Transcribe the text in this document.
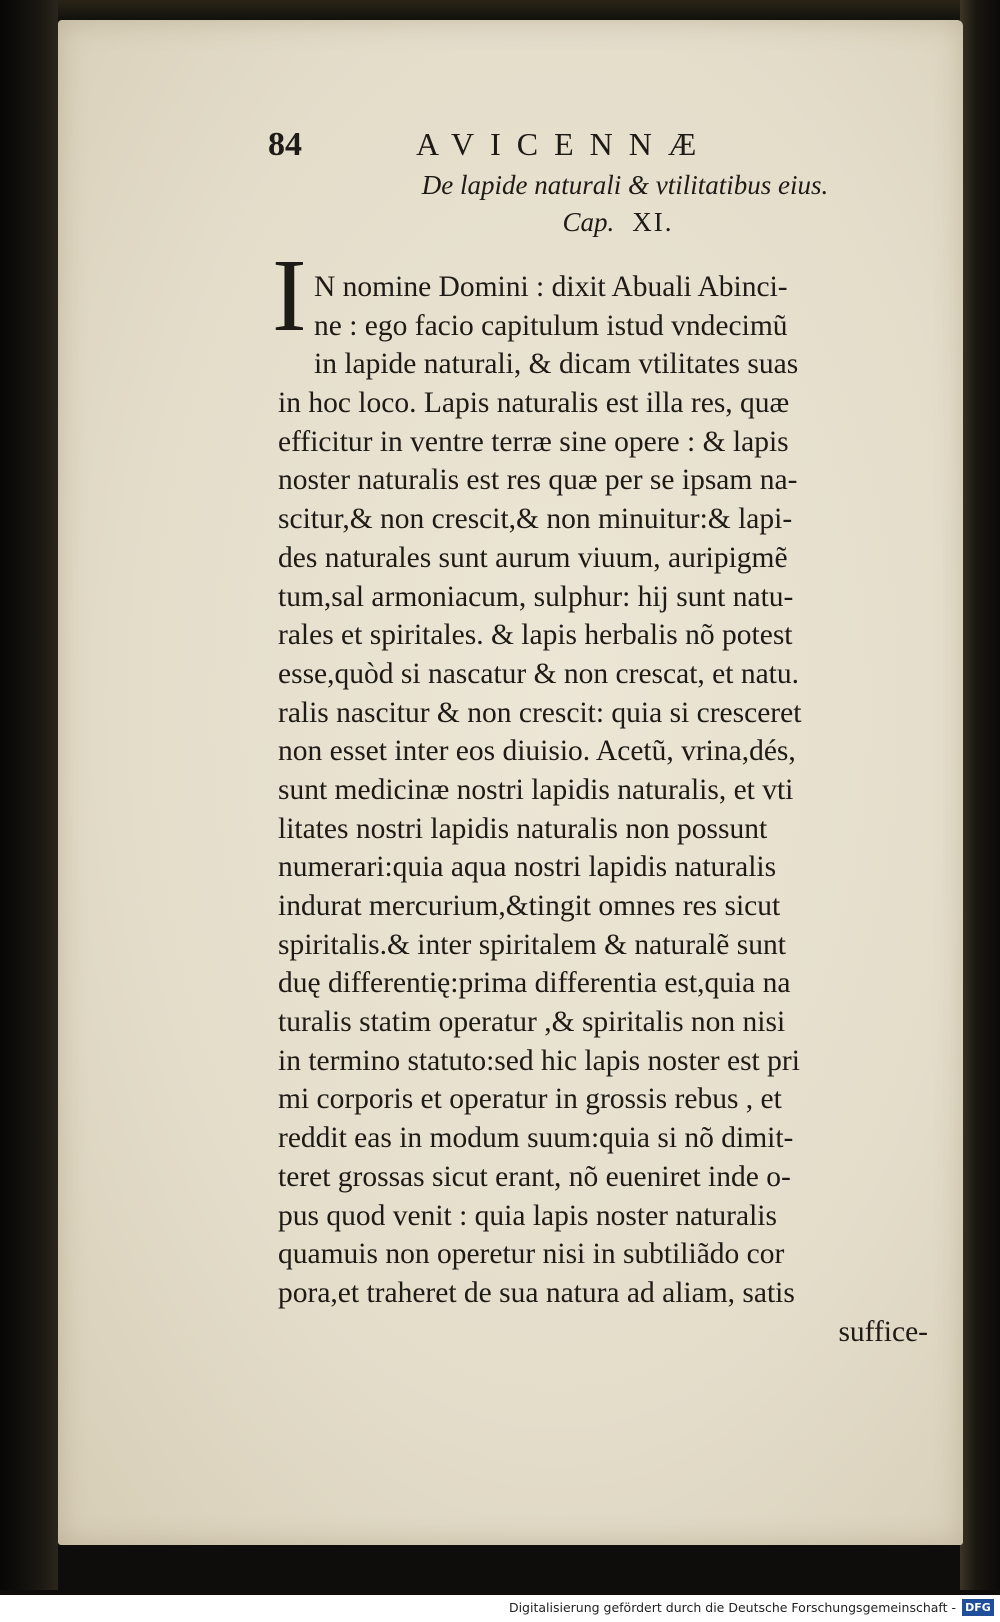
84	AVICENNÆ
De lapide naturali & vtilitatibus eius.
Cap. XI.
I N nomine Domini : dixit Abuali Abinci-
ne : ego facio capitulum istud vndecimũ
in lapide naturali, & dicam vtilitates suas
in hoc loco. Lapis naturalis est illa res, quæ
efficitur in ventre terræ sine opere : & lapis
noster naturalis est res quæ per se ipsam na-
scitur,& non crescit,& non minuitur:& lapi-
des naturales sunt aurum viuum, auripigmẽ
tum,sal armoniacum, sulphur: hij sunt natu-
rales et spiritales. & lapis herbalis nõ potest
esse,quòd si nascatur & non crescat, et natu.
ralis nascitur & non crescit: quia si cresceret
non esset inter eos diuisio. Acetũ, vrina,dés,
sunt medicinæ nostri lapidis naturalis, et vti
litates nostri lapidis naturalis non possunt
numerari:quia aqua nostri lapidis naturalis
indurat mercurium,&tingit omnes res sicut
spiritalis.& inter spiritalem & naturalẽ sunt
duę differentię:prima differentia est,quia na
turalis statim operatur ,& spiritalis non nisi
in termino statuto:sed hic lapis noster est pri
mi corporis et operatur in grossis rebus , et
reddit eas in modum suum:quia si nõ dimit-
teret grossas sicut erant, nõ eueniret inde o-
pus quod venit : quia lapis noster naturalis
quamuis non operetur nisi in subtiliãdo cor
pora,et traheret de sua natura ad aliam, satis
suffice-
Digitalisierung gefördert durch die Deutsche Forschungsgemeinschaft - DFG
